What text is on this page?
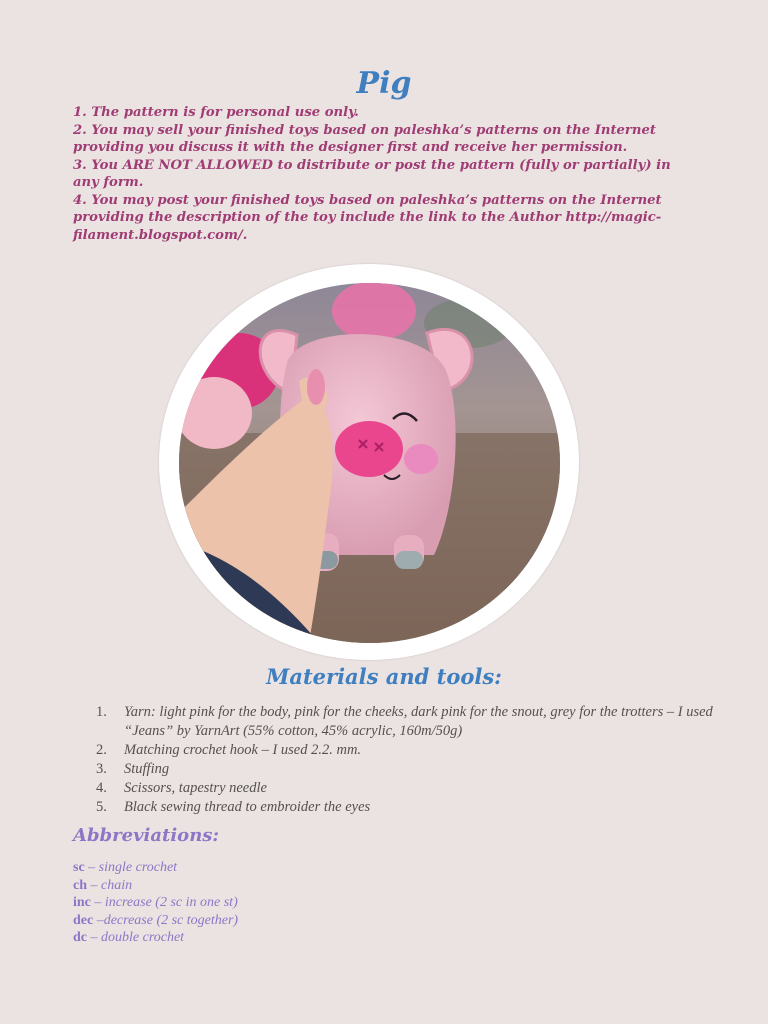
Pig

1. The pattern is for personal use only.

2. You may sell your finished toys based on paleshka’s patterns on the Internet providing you discuss it with the designer first and receive her permission.

3. You ARE NOT ALLOWED to distribute or post the pattern (fully or partially) in any form.

4. You may post your finished toys based on paleshka’s patterns on the Internet providing the description of the toy include the link to the Author http://magic-filament.blogspot.com/.

Materials and tools:
1. Yarn: light pink for the body, pink for the cheeks, dark pink for the snout, grey for the trotters – I used “Jeans” by YarnArt (55% cotton, 45% acrylic, 160m/50g)
2. Matching crochet hook – I used 2.2. mm.
3. Stuffing
4. Scissors, tapestry needle
5. Black sewing thread to embroider the eyes
Abbreviations:
sc – single crochet
ch – chain
inc – increase (2 sc in one st)
dec –decrease (2 sc together)
dc – double crochet
